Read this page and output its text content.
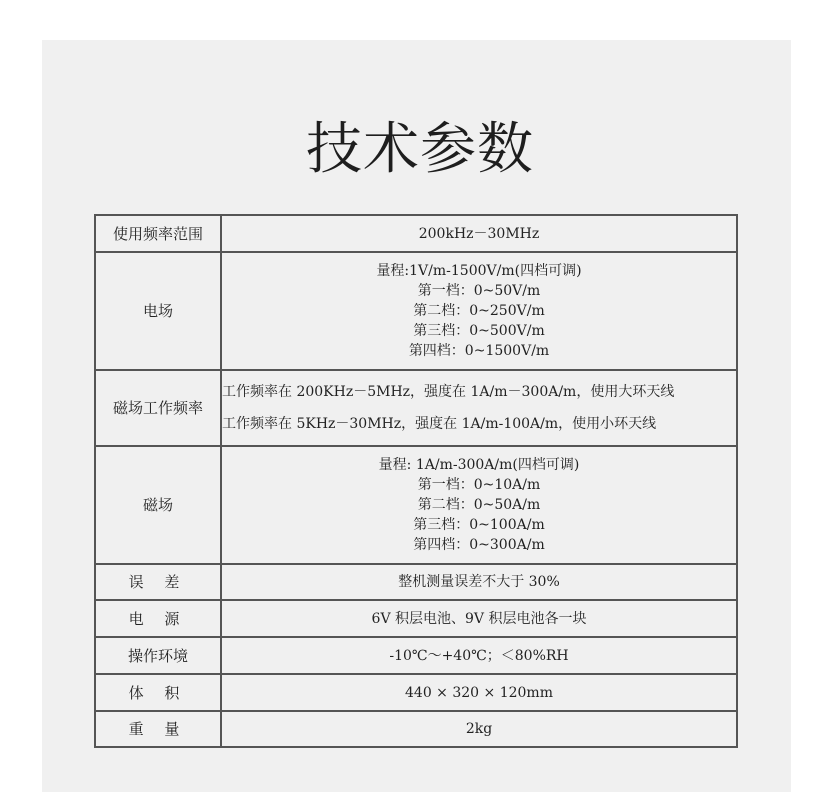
技术参数
使用频率范围	200kHz－30MHz

电场	量程:1V/m-1500V/m(四档可调)
第一档：0~50V/m
第二档：0~250V/m
第三档：0~500V/m
第四档：0~1500V/m

磁场工作频率	工作频率在 200KHz－5MHz，强度在 1A/m－300A/m，使用大环天线
工作频率在 5KHz－30MHz，强度在 1A/m-100A/m，使用小环天线

磁场	量程: 1A/m-300A/m(四档可调)
第一档：0~10A/m
第二档：0~50A/m
第三档：0~100A/m
第四档：0~300A/m

误 差	整机测量误差不大于 30%

电 源	6V 积层电池、9V 积层电池各一块

操作环境	-10℃～+40℃；＜80%RH

体 积	440 × 320 × 120mm

重 量	2kg
